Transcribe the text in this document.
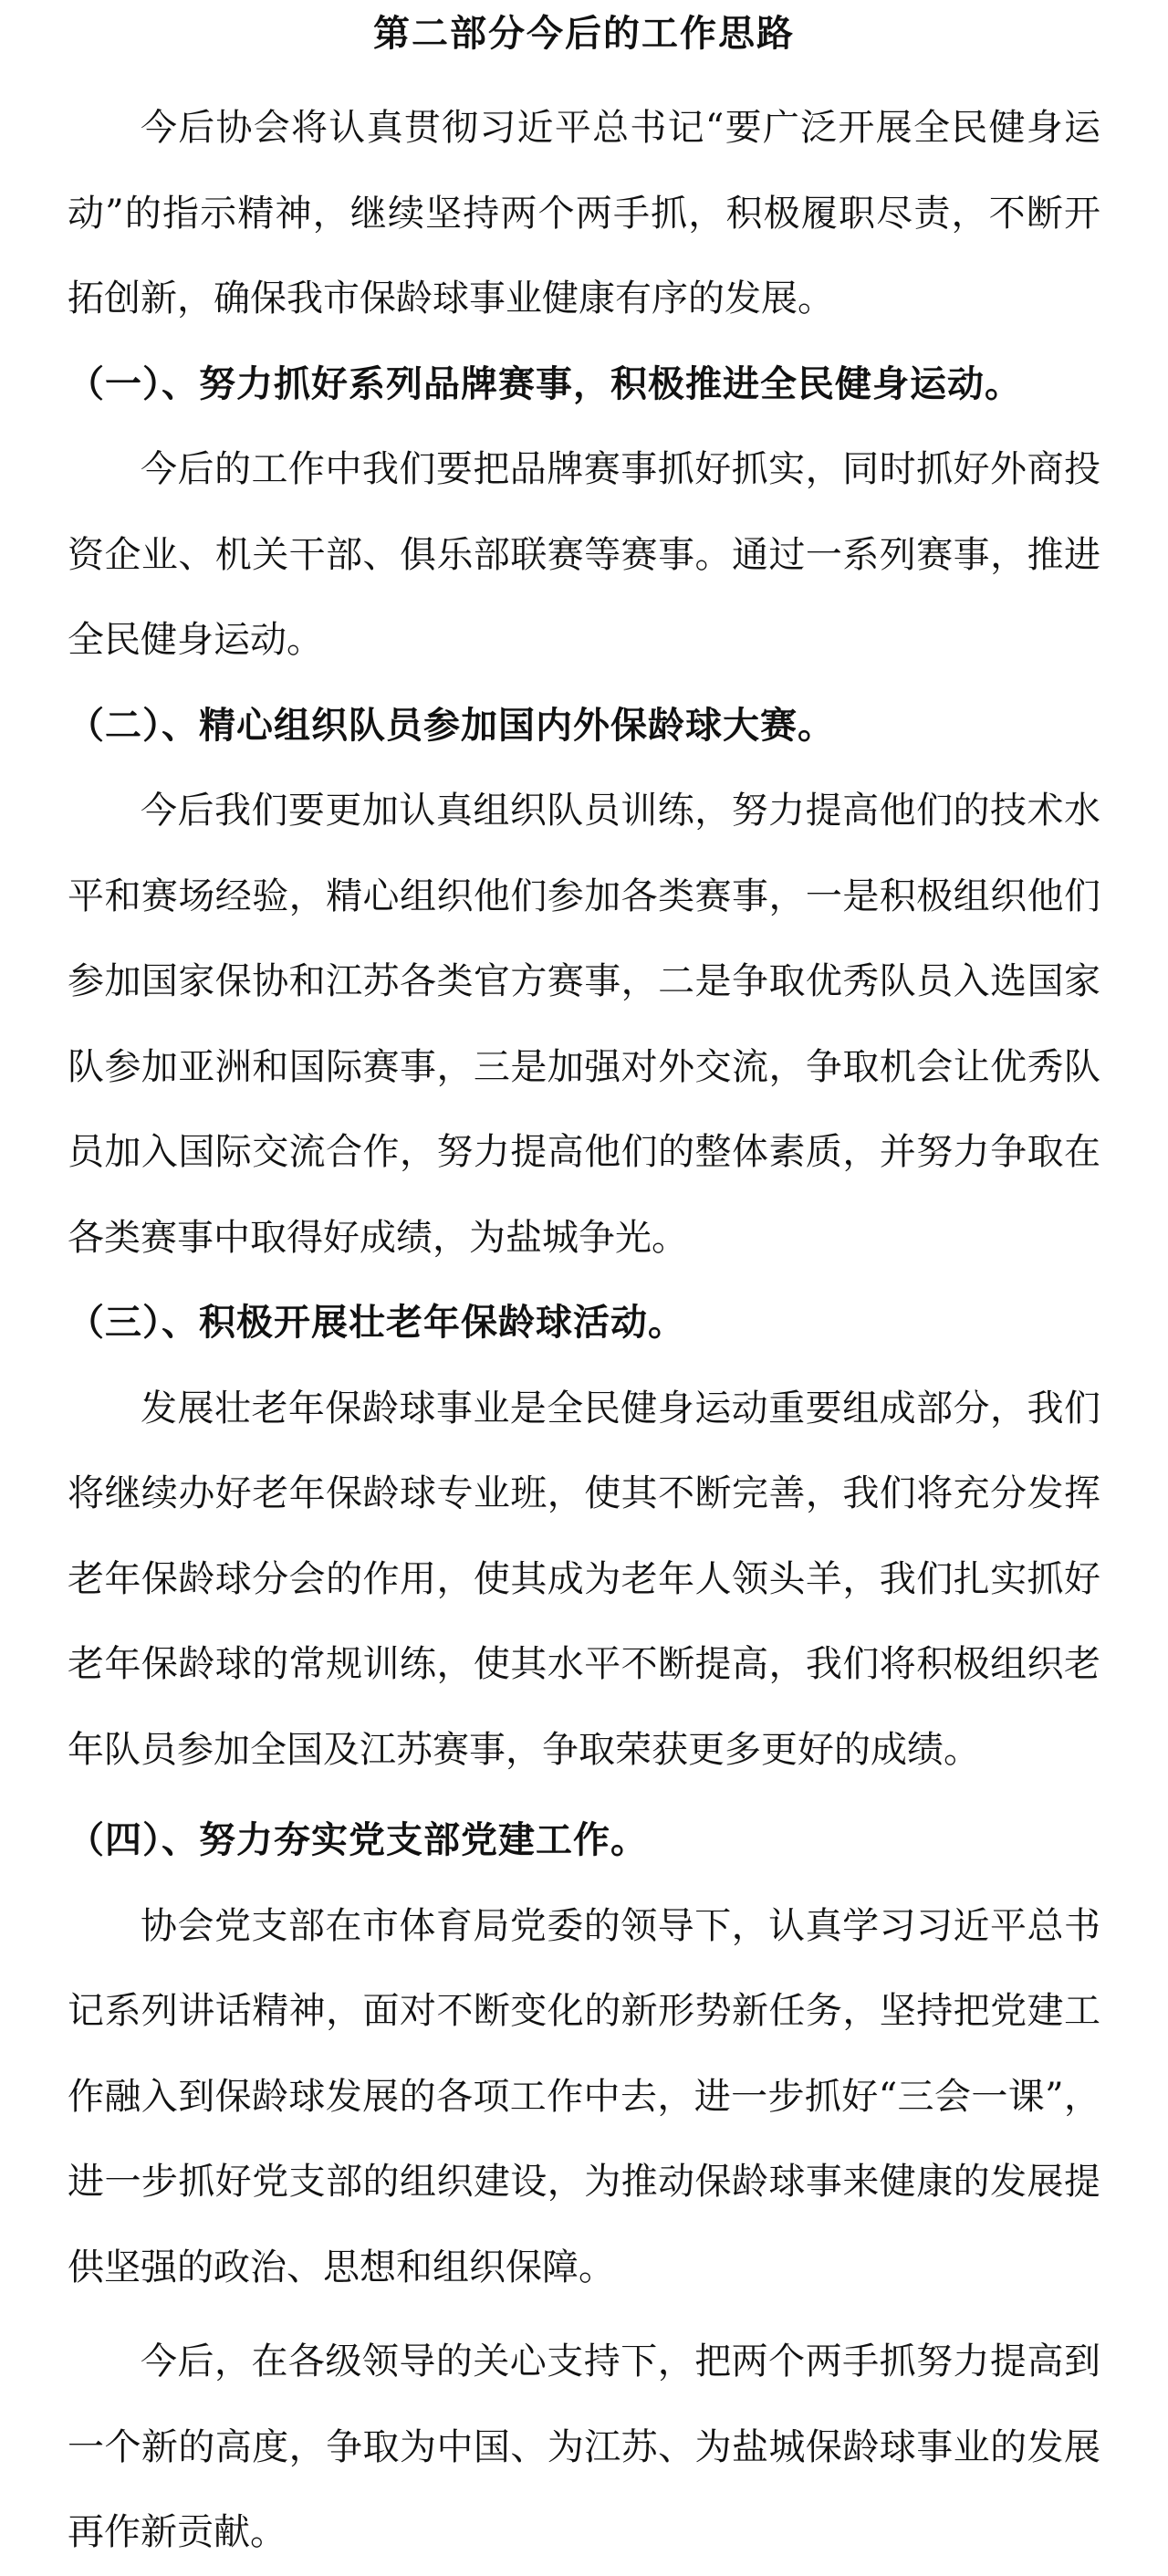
第二部分今后的工作思路

今后协会将认真贯彻习近平总书记“要广泛开展全民健身运动”的指示精神，继续坚持两个两手抓，积极履职尽责，不断开拓创新，确保我市保龄球事业健康有序的发展。

（一）、努力抓好系列品牌赛事，积极推进全民健身运动。

今后的工作中我们要把品牌赛事抓好抓实，同时抓好外商投资企业、机关干部、俱乐部联赛等赛事。通过一系列赛事，推进全民健身运动。

（二）、精心组织队员参加国内外保龄球大赛。

今后我们要更加认真组织队员训练，努力提高他们的技术水平和赛场经验，精心组织他们参加各类赛事，一是积极组织他们参加国家保协和江苏各类官方赛事，二是争取优秀队员入选国家队参加亚洲和国际赛事，三是加强对外交流，争取机会让优秀队员加入国际交流合作，努力提高他们的整体素质，并努力争取在各类赛事中取得好成绩，为盐城争光。

（三）、积极开展壮老年保龄球活动。

发展壮老年保龄球事业是全民健身运动重要组成部分，我们将继续办好老年保龄球专业班，使其不断完善，我们将充分发挥老年保龄球分会的作用，使其成为老年人领头羊，我们扎实抓好老年保龄球的常规训练，使其水平不断提高，我们将积极组织老年队员参加全国及江苏赛事，争取荣获更多更好的成绩。

（四）、努力夯实党支部党建工作。

协会党支部在市体育局党委的领导下，认真学习习近平总书记系列讲话精神，面对不断变化的新形势新任务，坚持把党建工作融入到保龄球发展的各项工作中去，进一步抓好“三会一课”，进一步抓好党支部的组织建设，为推动保龄球事来健康的发展提供坚强的政治、思想和组织保障。

今后，在各级领导的关心支持下，把两个两手抓努力提高到一个新的高度，争取为中国、为江苏、为盐城保龄球事业的发展再作新贡献。
